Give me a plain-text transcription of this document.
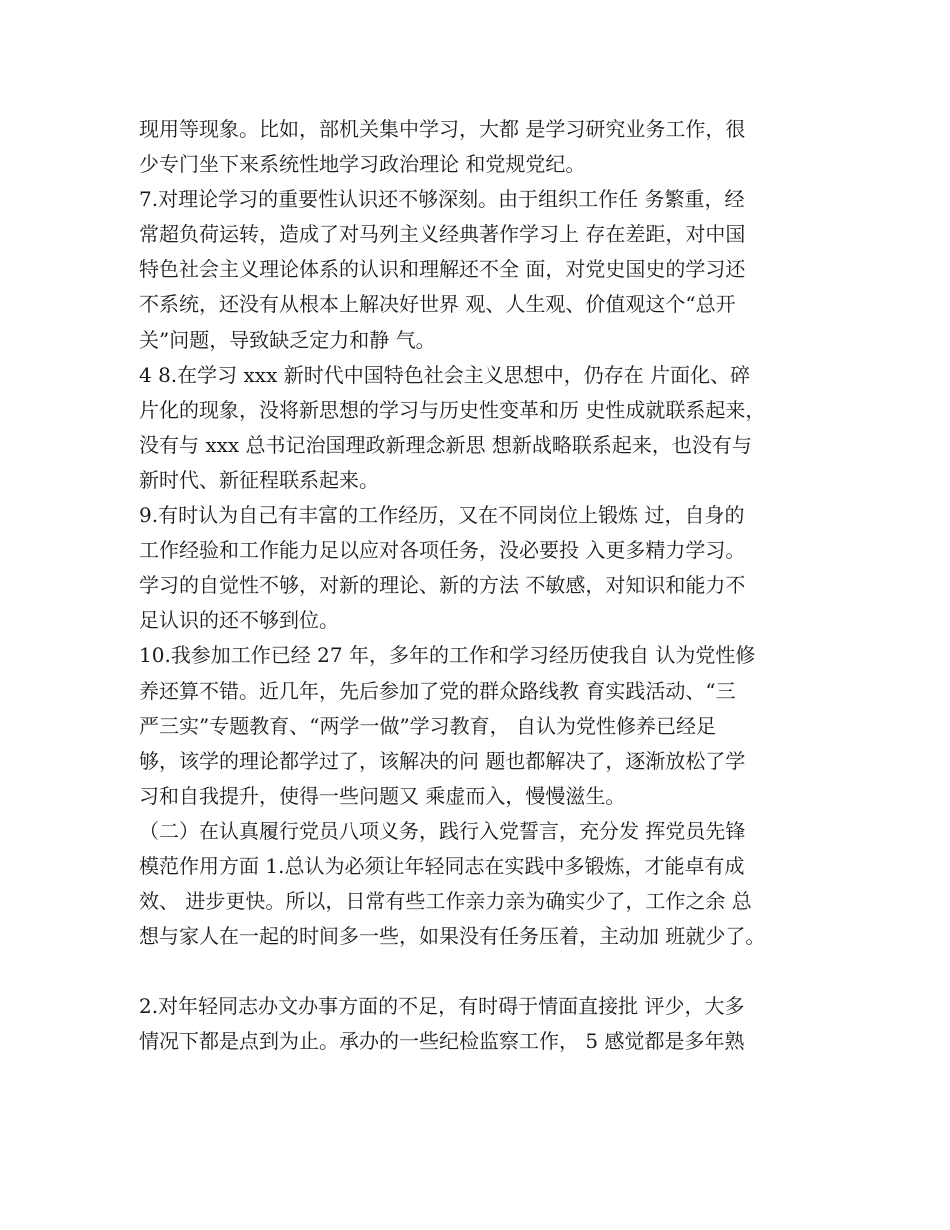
现用等现象。比如，部机关集中学习，大都 是学习研究业务工作，很
少专门坐下来系统性地学习政治理论 和党规党纪。
7.对理论学习的重要性认识还不够深刻。由于组织工作任 务繁重，经
常超负荷运转，造成了对马列主义经典著作学习上 存在差距，对中国
特色社会主义理论体系的认识和理解还不全 面，对党史国史的学习还
不系统，还没有从根本上解决好世界 观、人生观、价值观这个“总开
关”问题，导致缺乏定力和静 气。
4 8.在学习 xxx 新时代中国特色社会主义思想中，仍存在 片面化、碎
片化的现象，没将新思想的学习与历史性变革和历 史性成就联系起来，
没有与 xxx 总书记治国理政新理念新思 想新战略联系起来，也没有与
新时代、新征程联系起来。
9.有时认为自己有丰富的工作经历，又在不同岗位上锻炼 过，自身的
工作经验和工作能力足以应对各项任务，没必要投 入更多精力学习。
学习的自觉性不够，对新的理论、新的方法 不敏感，对知识和能力不
足认识的还不够到位。
10.我参加工作已经 27 年，多年的工作和学习经历使我自 认为党性修
养还算不错。近几年，先后参加了党的群众路线教 育实践活动、“三
严三实”专题教育、“两学一做”学习教育， 自认为党性修养已经足
够，该学的理论都学过了，该解决的问 题也都解决了，逐渐放松了学
习和自我提升，使得一些问题又 乘虚而入，慢慢滋生。
（二）在认真履行党员八项义务，践行入党誓言，充分发 挥党员先锋
模范作用方面 1.总认为必须让年轻同志在实践中多锻炼，才能卓有成
效、 进步更快。所以，日常有些工作亲力亲为确实少了，工作之余 总
想与家人在一起的时间多一些，如果没有任务压着，主动加 班就少了。
2.对年轻同志办文办事方面的不足，有时碍于情面直接批 评少，大多
情况下都是点到为止。承办的一些纪检监察工作， 5 感觉都是多年熟
